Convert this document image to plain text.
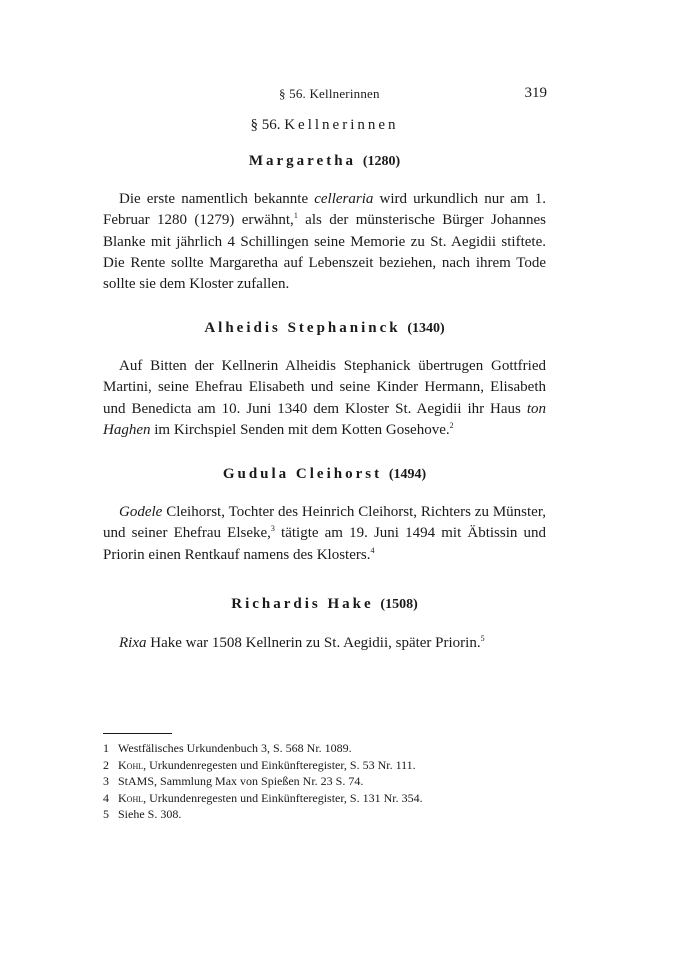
§ 56. Kellnerinnen	319
§ 56. Kellnerinnen
Margaretha (1280)

Die erste namentlich bekannte celleraria wird urkundlich nur am 1. Februar 1280 (1279) erwähnt,$^1$ als der münsterische Bürger Johannes Blanke mit jährlich 4 Schillingen seine Memorie zu St. Aegidii stiftete. Die Rente sollte Margaretha auf Lebenszeit beziehen, nach ihrem Tode sollte sie dem Kloster zufallen.

Alheidis Stephaninck (1340)

Auf Bitten der Kellnerin Alheidis Stephanick übertrugen Gottfried Martini, seine Ehefrau Elisabeth und seine Kinder Hermann, Elisabeth und Benedicta am 10. Juni 1340 dem Kloster St. Aegidii ihr Haus ton Haghen im Kirchspiel Senden mit dem Kotten Gosehove.$^2$

Gudula Cleihorst (1494)

Godele Cleihorst, Tochter des Heinrich Cleihorst, Richters zu Münster, und seiner Ehefrau Elseke,$^3$ tätigte am 19. Juni 1494 mit Äbtissin und Priorin einen Rentkauf namens des Klosters.$^4$

Richardis Hake (1508)

Rixa Hake war 1508 Kellnerin zu St. Aegidii, später Priorin.$^5$

1 Westfälisches Urkundenbuch 3, S. 568 Nr. 1089.
2 Kohl, Urkundenregesten und Einkünfteregister, S. 53 Nr. 111.
3 StAMS, Sammlung Max von Spießen Nr. 23 S. 74.
4 Kohl, Urkundenregesten und Einkünfteregister, S. 131 Nr. 354.
5 Siehe S. 308.
